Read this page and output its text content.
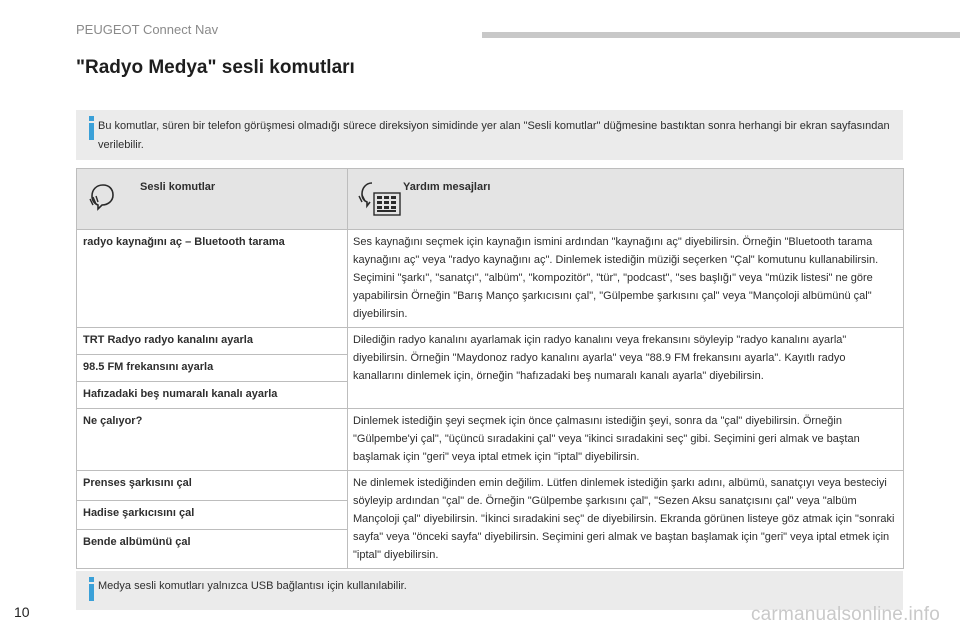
PEUGEOT Connect Nav
"Radyo Medya" sesli komutları
Bu komutlar, süren bir telefon görüşmesi olmadığı sürece direksiyon simidinde yer alan "Sesli komutlar" düğmesine bastıktan sonra herhangi bir ekran sayfasından verilebilir.
Sesli komutlar	Yardım mesajları

radyo kaynağını aç – Bluetooth tarama	Ses kaynağını seçmek için kaynağın ismini ardından "kaynağını aç" diyebilirsin. Örneğin "Bluetooth tarama kaynağını aç" veya "radyo kaynağını aç". Dinlemek istediğin müziği seçerken "Çal" komutunu kullanabilirsin. Seçimini "şarkı", "sanatçı", "albüm", "kompozitör", "tür", "podcast", "ses başlığı" veya "müzik listesi" ne göre yapabilirsin Örneğin "Barış Manço şarkıcısını çal", "Gülpembe şarkısını çal" veya "Mançoloji albümünü çal" diyebilirsin.
TRT Radyo radyo kanalını ayarla	Dilediğin radyo kanalını ayarlamak için radyo kanalını veya frekansını söyleyip "radyo kanalını ayarla" diyebilirsin. Örneğin "Maydonoz radyo kanalını ayarla" veya "88.9 FM frekansını ayarla". Kayıtlı radyo kanallarını dinlemek için, örneğin "hafızadaki beş numaralı kanalı ayarla" diyebilirsin.
98.5 FM frekansını ayarla	
Hafızadaki beş numaralı kanalı ayarla	
Ne çalıyor?	Dinlemek istediğin şeyi seçmek için önce çalmasını istediğin şeyi, sonra da "çal" diyebilirsin. Örneğin "Gülpembe'yi çal", "üçüncü sıradakini çal" veya "ikinci sıradakini seç" gibi. Seçimini geri almak ve baştan başlamak için "geri" veya iptal etmek için "iptal" diyebilirsin.
Prenses şarkısını çal	Ne dinlemek istediğinden emin değilim. Lütfen dinlemek istediğin şarkı adını, albümü, sanatçıyı veya besteciyi söyleyip ardından "çal" de. Örneğin "Gülpembe şarkısını çal", "Sezen Aksu sanatçısını çal" veya "albüm Mançoloji çal" diyebilirsin. "İkinci sıradakini seç" de diyebilirsin. Ekranda görünen listeye göz atmak için "sonraki sayfa" veya "önceki sayfa" diyebilirsin. Seçimini geri almak ve baştan başlamak için "geri" veya iptal etmek için "iptal" diyebilirsin.
Hadise şarkıcısını çal	
Bende albümünü çal	
Medya sesli komutları yalnızca USB bağlantısı için kullanılabilir.
10	carmanualsonline.info
